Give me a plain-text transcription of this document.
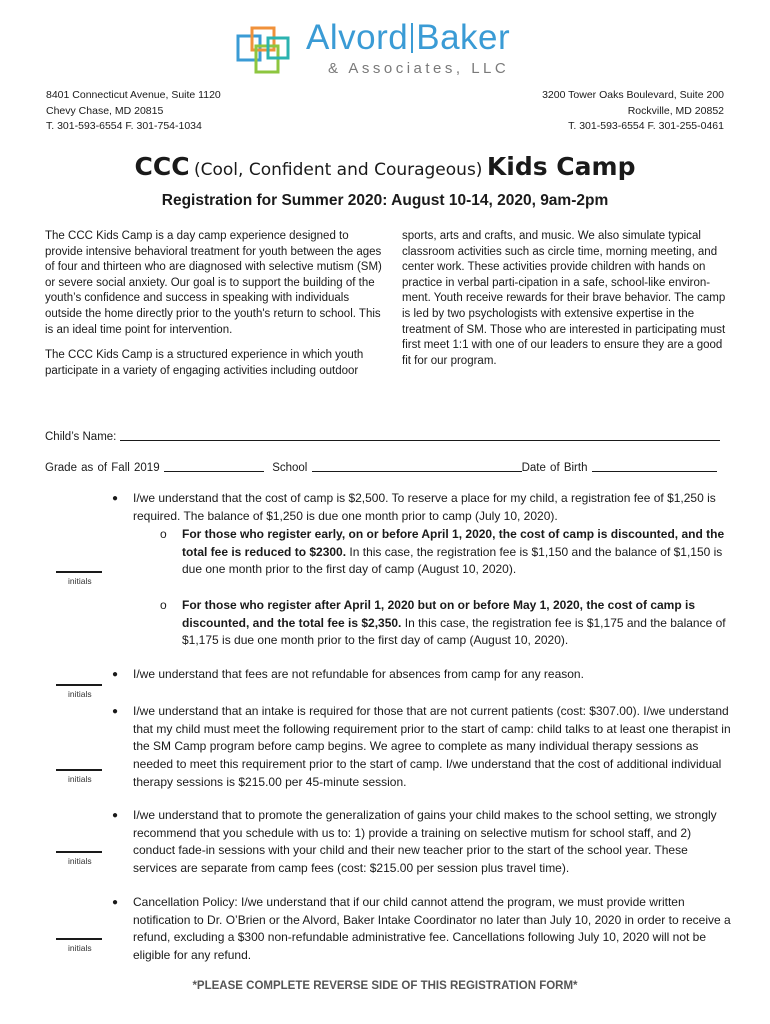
Alvord Baker
& Associates, LLC
8401 Connecticut Avenue, Suite 1120
Chevy Chase, MD 20815
T. 301-593-6554 F. 301-754-1034
3200 Tower Oaks Boulevard, Suite 200
Rockville, MD 20852
T. 301-593-6554 F. 301-255-0461
CCC (Cool, Confident and Courageous) Kids Camp
Registration for Summer 2020: August 10-14, 2020, 9am-2pm

The CCC Kids Camp is a day camp experience designed to provide intensive behavioral treatment for youth between the ages of four and thirteen who are diagnosed with selective mutism (SM) or severe social anxiety. Our goal is to support the building of the youth’s confidence and success in speaking with individuals outside the home directly prior to the youth's return to school. This is an ideal time point for intervention.

The CCC Kids Camp is a structured experience in which youth participate in a variety of engaging activities including outdoor

sports, arts and crafts, and music. We also simulate typical classroom activities such as circle time, morning meeting, and center work. These activities provide children with hands on practice in verbal parti-cipation in a safe, school-like environ-ment. Youth receive rewards for their brave behavior. The camp is led by two psychologists with extensive expertise in the treatment of SM. Those who are interested in participating must first meet 1:1 with one of our leaders to ensure they are a good fit for our program.

Child’s Name:
Grade as of Fall 2019	School	Date of Birth
● I/we understand that the cost of camp is $2,500. To reserve a place for my child, a registration fee of $1,250 is required. The balance of $1,250 is due one month prior to camp (July 10, 2020).
o For those who register early, on or before April 1, 2020, the cost of camp is discounted, and the total fee is reduced to $2300. In this case, the registration fee is $1,150 and the balance of $1,150 is due one month prior to the first day of camp (August 10, 2020).
o For those who register after April 1, 2020 but on or before May 1, 2020, the cost of camp is discounted, and the total fee is $2,350. In this case, the registration fee is $1,175 and the balance of $1,175 is due one month prior to the first day of camp (August 10, 2020).
initials
● I/we understand that fees are not refundable for absences from camp for any reason.
initials
● I/we understand that an intake is required for those that are not current patients (cost: $307.00). I/we understand that my child must meet the following requirement prior to the start of camp: child talks to at least one therapist in the SM Camp program before camp begins. We agree to complete as many individual therapy sessions as needed to meet this requirement prior to the start of camp. I/we understand that the cost of additional individual therapy sessions is $215.00 per 45-minute session.
initials
● I/we understand that to promote the generalization of gains your child makes to the school setting, we strongly recommend that you schedule with us to: 1) provide a training on selective mutism for school staff, and 2) conduct fade-in sessions with your child and their new teacher prior to the start of the school year. These services are separate from camp fees (cost: $215.00 per session plus travel time).
initials
● Cancellation Policy: I/we understand that if our child cannot attend the program, we must provide written notification to Dr. O’Brien or the Alvord, Baker Intake Coordinator no later than July 10, 2020 in order to receive a refund, excluding a $300 non-refundable administrative fee. Cancellations following July 10, 2020 will not be eligible for any refund.
initials
*PLEASE COMPLETE REVERSE SIDE OF THIS REGISTRATION FORM*
